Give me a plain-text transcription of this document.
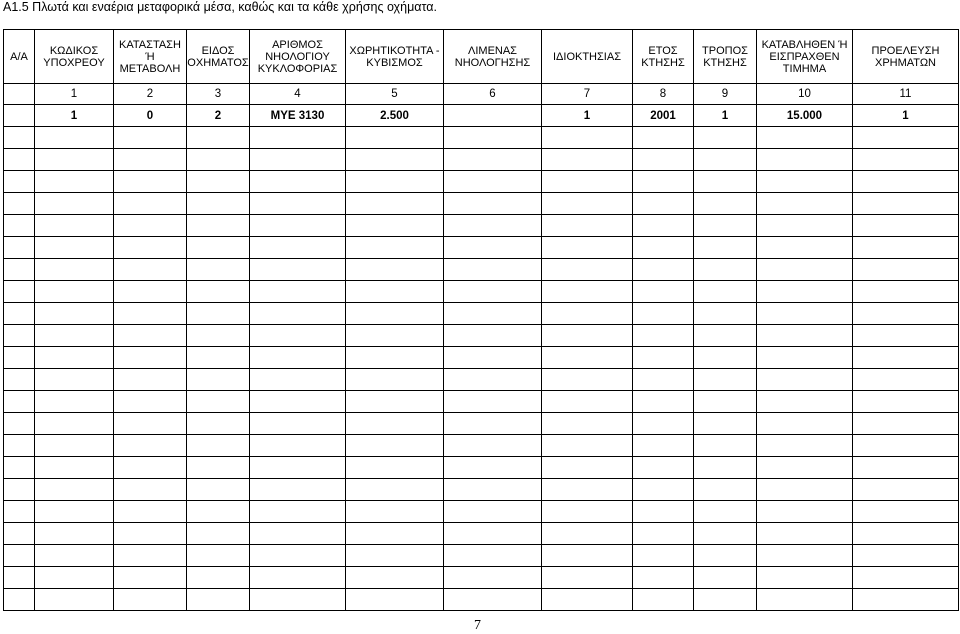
Α1.5 Πλωτά και εναέρια μεταφορικά μέσα, καθώς και τα κάθε χρήσης οχήματα.
Α/Α	ΚΩΔΙΚΟΣ ΥΠΟΧΡΕΟΥ	ΚΑΤΑΣΤΑΣΗ Ή ΜΕΤΑΒΟΛΗ	ΕΙΔΟΣ ΟΧΗΜΑΤΟΣ	ΑΡΙΘΜΟΣ ΝΗΟΛΟΓΙΟΥ ΚΥΚΛΟΦΟΡΙΑΣ	ΧΩΡΗΤΙΚΟΤΗΤΑ - ΚΥΒΙΣΜΟΣ	ΛΙΜΕΝΑΣ ΝΗΟΛΟΓΗΣΗΣ	ΙΔΙΟΚΤΗΣΙΑΣ	ΕΤΟΣ ΚΤΗΣΗΣ	ΤΡΟΠΟΣ ΚΤΗΣΗΣ	ΚΑΤΑΒΛΗΘΕΝ Ή ΕΙΣΠΡΑΧΘΕΝ ΤΙΜΗΜΑ	ΠΡΟΕΛΕΥΣΗ ΧΡΗΜΑΤΩΝ
	1	2	3	4	5	6	7	8	9	10	11
	1	0	2	ΜΥΕ 3130	2.500		1	2001	1	15.000	1

7
